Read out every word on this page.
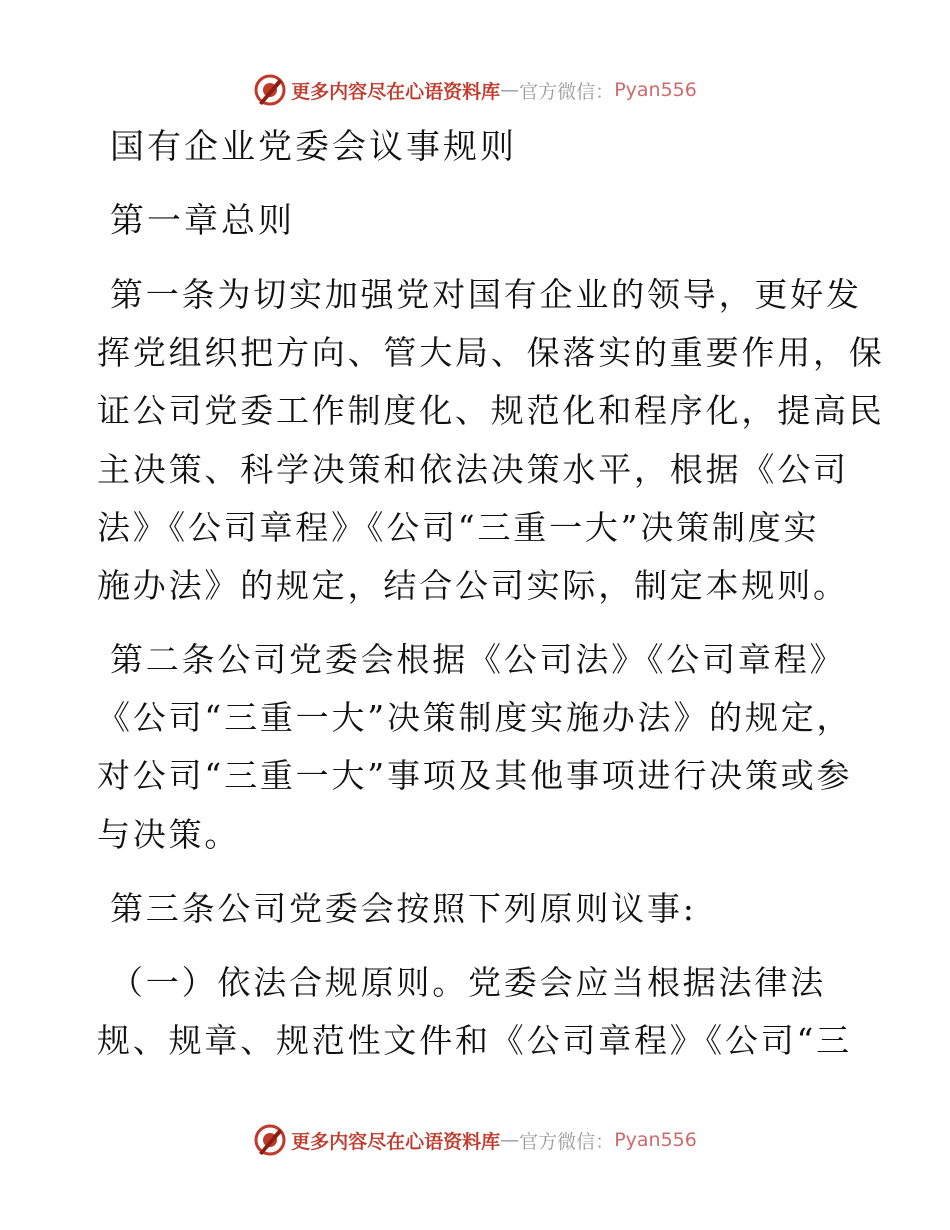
更多内容尽在心语资料库 — 官方微信： Pyan556
国有企业党委会议事规则
第一章总则
第一条为切实加强党对国有企业的领导，更好发
挥党组织把方向、管大局、保落实的重要作用，保
证公司党委工作制度化、规范化和程序化，提高民
主决策、科学决策和依法决策水平，根据《公司
法》《公司章程》《公司“三重一大”决策制度实
施办法》的规定，结合公司实际，制定本规则。
第二条公司党委会根据《公司法》《公司章程》
《公司“三重一大”决策制度实施办法》的规定，
对公司“三重一大”事项及其他事项进行决策或参
与决策。
第三条公司党委会按照下列原则议事:
（一）依法合规原则。党委会应当根据法律法
规、规章、规范性文件和《公司章程》《公司“三
更多内容尽在心语资料库 — 官方微信： Pyan556
